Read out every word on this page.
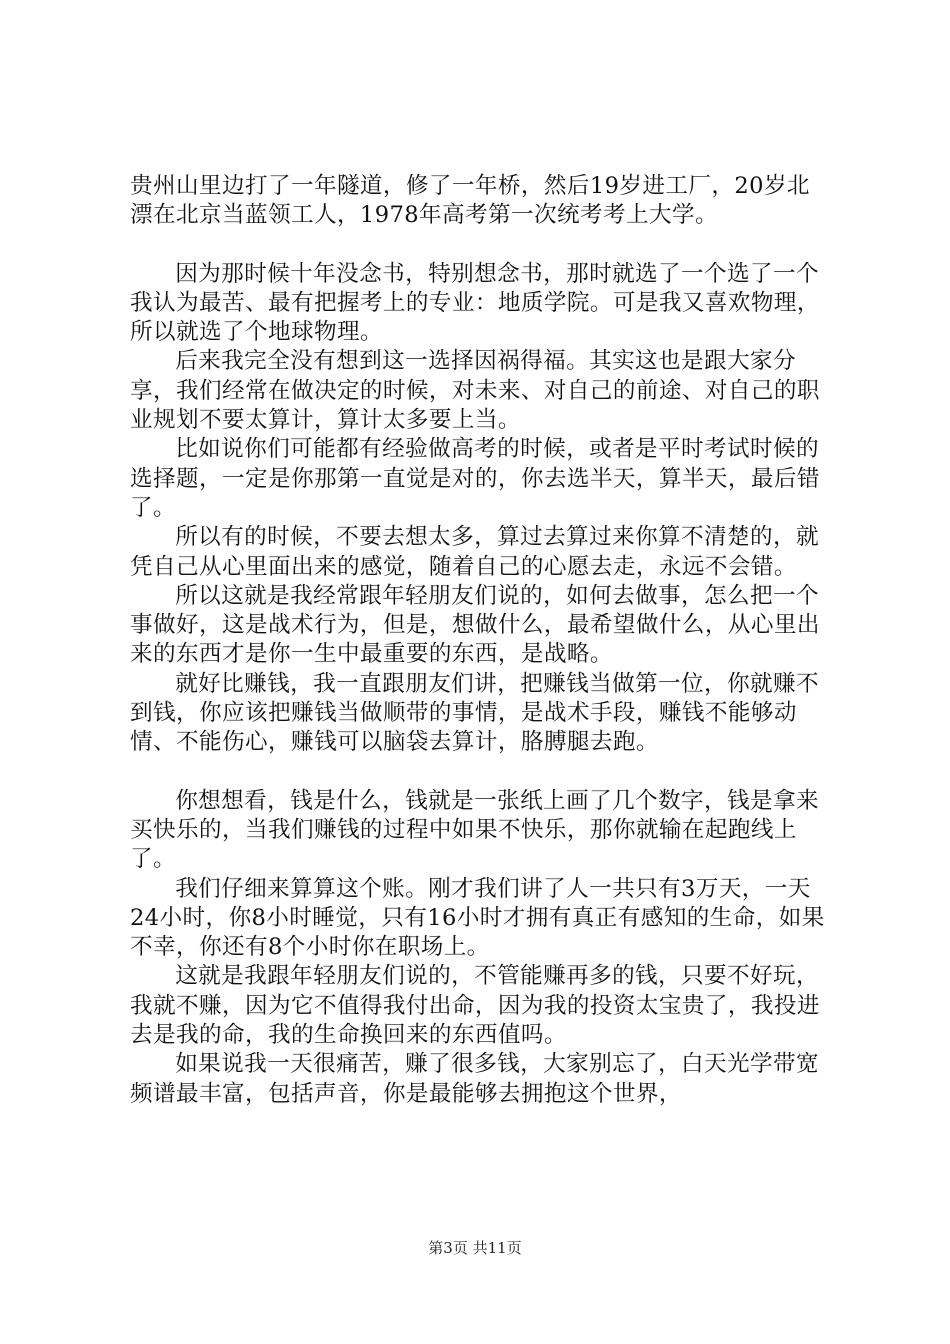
贵州山里边打了一年隧道，修了一年桥，然后19岁进工厂，20岁北漂在北京当蓝领工人，1978年高考第一次统考考上大学。

因为那时候十年没念书，特别想念书，那时就选了一个选了一个我认为最苦、最有把握考上的专业：地质学院。可是我又喜欢物理，所以就选了个地球物理。

后来我完全没有想到这一选择因祸得福。其实这也是跟大家分享，我们经常在做决定的时候，对未来、对自己的前途、对自己的职业规划不要太算计，算计太多要上当。

比如说你们可能都有经验做高考的时候，或者是平时考试时候的选择题，一定是你那第一直觉是对的，你去选半天，算半天，最后错了。

所以有的时候，不要去想太多，算过去算过来你算不清楚的，就凭自己从心里面出来的感觉，随着自己的心愿去走，永远不会错。

所以这就是我经常跟年轻朋友们说的，如何去做事，怎么把一个事做好，这是战术行为，但是，想做什么，最希望做什么，从心里出来的东西才是你一生中最重要的东西，是战略。

就好比赚钱，我一直跟朋友们讲，把赚钱当做第一位，你就赚不到钱，你应该把赚钱当做顺带的事情，是战术手段，赚钱不能够动情、不能伤心，赚钱可以脑袋去算计，胳膊腿去跑。

你想想看，钱是什么，钱就是一张纸上画了几个数字，钱是拿来买快乐的，当我们赚钱的过程中如果不快乐，那你就输在起跑线上了。

我们仔细来算算这个账。刚才我们讲了人一共只有3万天，一天24小时，你8小时睡觉，只有16小时才拥有真正有感知的生命，如果不幸，你还有8个小时你在职场上。

这就是我跟年轻朋友们说的，不管能赚再多的钱，只要不好玩，我就不赚，因为它不值得我付出命，因为我的投资太宝贵了，我投进去是我的命，我的生命换回来的东西值吗。

如果说我一天很痛苦，赚了很多钱，大家别忘了，白天光学带宽频谱最丰富，包括声音，你是最能够去拥抱这个世界，

第3页 共11页
